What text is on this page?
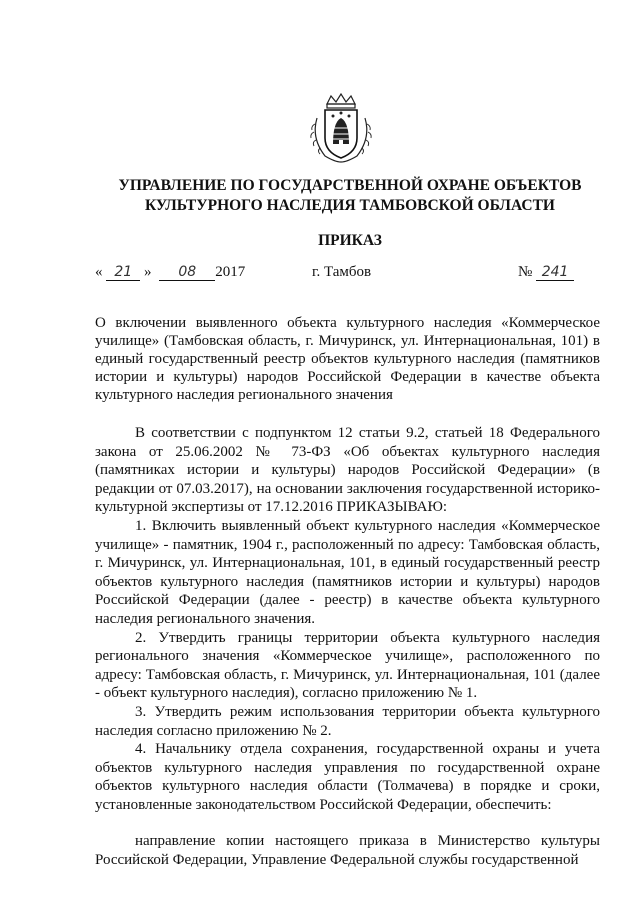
УПРАВЛЕНИЕ ПО ГОСУДАРСТВЕННОЙ ОХРАНЕ ОБЪЕКТОВ
КУЛЬТУРНОГО НАСЛЕДИЯ ТАМБОВСКОЙ ОБЛАСТИ
ПРИКАЗ
« 21 » 08 2017	г. Тамбов	№ 241
О включении выявленного объекта культурного наследия «Коммерческое училище» (Тамбовская область, г. Мичуринск, ул. Интернациональная, 101) в единый государственный реестр объектов культурного наследия (памятников истории и культуры) народов Российской Федерации в качестве объекта культурного наследия регионального значения

В соответствии с подпунктом 12 статьи 9.2, статьей 18 Федерального закона от 25.06.2002 № 73-ФЗ «Об объектах культурного наследия (памятниках истории и культуры) народов Российской Федерации» (в редакции от 07.03.2017), на основании заключения государственной историко-культурной экспертизы от 17.12.2016 ПРИКАЗЫВАЮ:

1. Включить выявленный объект культурного наследия «Коммерческое училище» - памятник, 1904 г., расположенный по адресу: Тамбовская область, г. Мичуринск, ул. Интернациональная, 101, в единый государственный реестр объектов культурного наследия (памятников истории и культуры) народов Российской Федерации (далее - реестр) в качестве объекта культурного наследия регионального значения.

2. Утвердить границы территории объекта культурного наследия регионального значения «Коммерческое училище», расположенного по адресу: Тамбовская область, г. Мичуринск, ул. Интернациональная, 101 (далее - объект культурного наследия), согласно приложению № 1.

3. Утвердить режим использования территории объекта культурного наследия согласно приложению № 2.

4. Начальнику отдела сохранения, государственной охраны и учета объектов культурного наследия управления по государственной охране объектов культурного наследия области (Толмачева) в порядке и сроки, установленные законодательством Российской Федерации, обеспечить:

направление копии настоящего приказа в Министерство культуры Российской Федерации, Управление Федеральной службы государственной
